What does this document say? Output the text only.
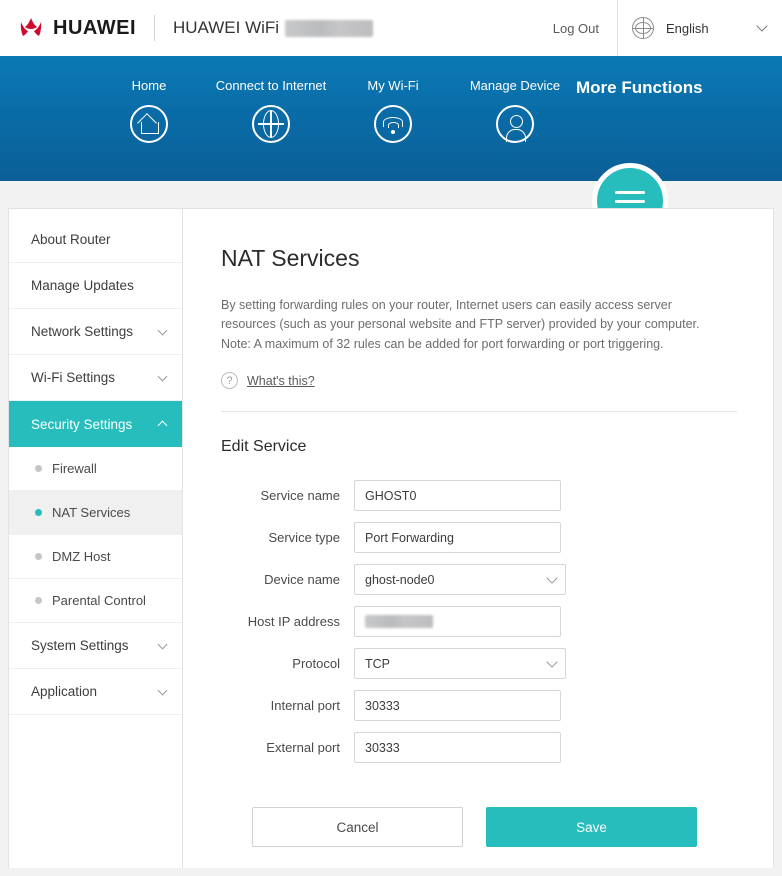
HUAWEI HUAWEI WiFi	Log Out	English
Home	Connect to Internet	My Wi-Fi	Manage Device More Functions
About Router
Manage Updates
Network Settings
Wi-Fi Settings
Security Settings
Firewall
NAT Services
DMZ Host
Parental Control
System Settings
Application
NAT Services

By setting forwarding rules on your router, Internet users can easily access server resources (such as your personal website and FTP server) provided by your computer. Note: A maximum of 32 rules can be added for port forwarding or port triggering.

?	What's this?
Edit Service
Service name	GHOST0
Service type	Port Forwarding
Device name	ghost-node0
Host IP address
Protocol	TCP
Internal port	30333
External port	30333
Cancel	Save
